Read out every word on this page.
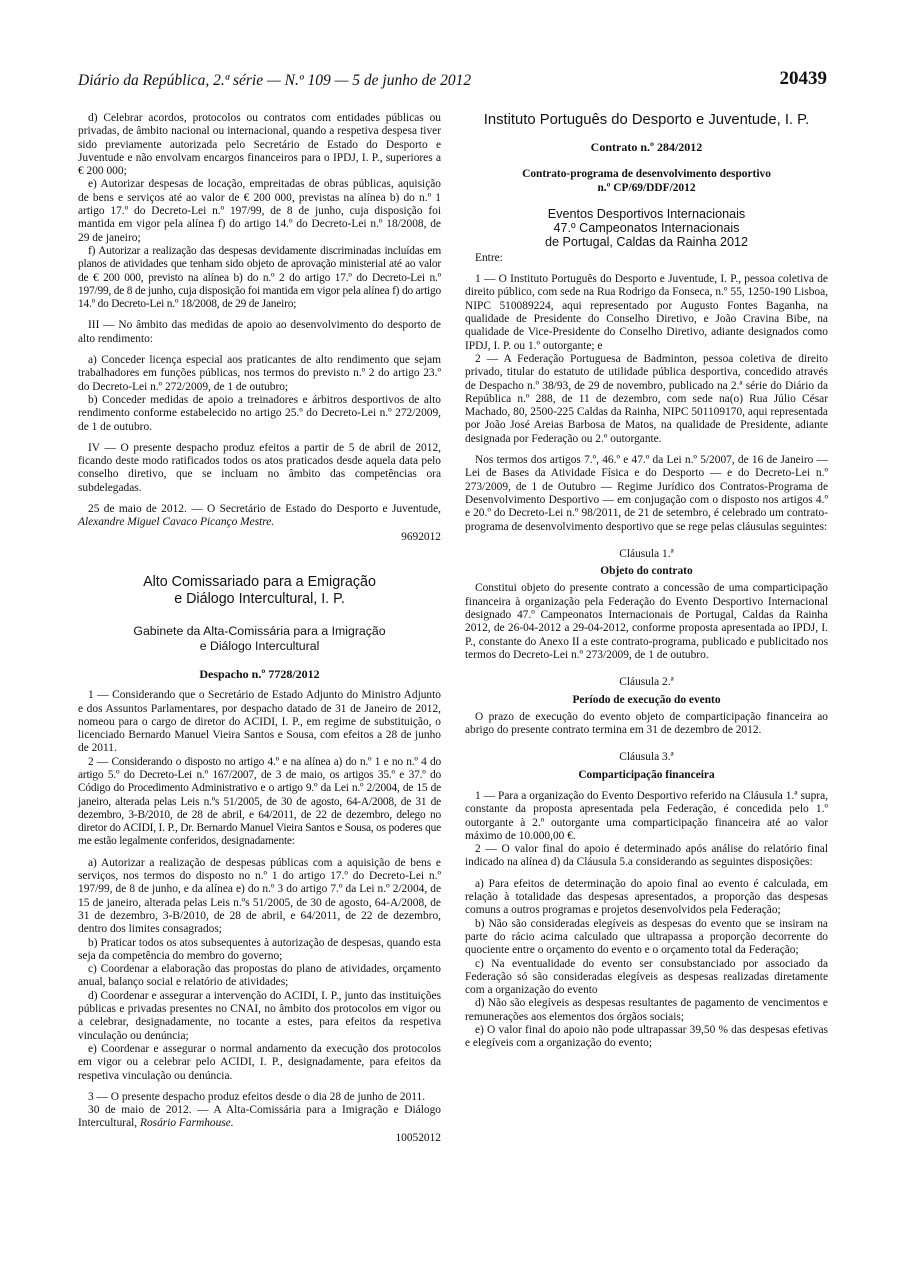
Diário da República, 2.ª série — N.º 109 — 5 de junho de 2012	20439

d) Celebrar acordos, protocolos ou contratos com entidades públicas ou privadas, de âmbito nacional ou internacional, quando a respetiva despesa tiver sido previamente autorizada pelo Secretário de Estado do Desporto e Juventude e não envolvam encargos financeiros para o IPDJ, I. P., superiores a € 200 000;

e) Autorizar despesas de locação, empreitadas de obras públicas, aquisição de bens e serviços até ao valor de € 200 000, previstas na alínea b) do n.º 1 artigo 17.º do Decreto-Lei n.º 197/99, de 8 de junho, cuja disposição foi mantida em vigor pela alínea f) do artigo 14.º do Decreto-Lei n.º 18/2008, de 29 de janeiro;

f) Autorizar a realização das despesas devidamente discriminadas incluídas em planos de atividades que tenham sido objeto de aprovação ministerial até ao valor de € 200 000, previsto na alínea b) do n.º 2 do artigo 17.º do Decreto-Lei n.º 197/99, de 8 de junho, cuja disposição foi mantida em vigor pela alínea f) do artigo 14.º do Decreto-Lei n.º 18/2008, de 29 de Janeiro;

III — No âmbito das medidas de apoio ao desenvolvimento do desporto de alto rendimento:

a) Conceder licença especial aos praticantes de alto rendimento que sejam trabalhadores em funções públicas, nos termos do previsto n.º 2 do artigo 23.º do Decreto-Lei n.º 272/2009, de 1 de outubro;

b) Conceder medidas de apoio a treinadores e árbitros desportivos de alto rendimento conforme estabelecido no artigo 25.º do Decreto-Lei n.º 272/2009, de 1 de outubro.

IV — O presente despacho produz efeitos a partir de 5 de abril de 2012, ficando deste modo ratificados todos os atos praticados desde aquela data pelo conselho diretivo, que se incluam no âmbito das competências ora subdelegadas.

25 de maio de 2012. — O Secretário de Estado do Desporto e Juventude, Alexandre Miguel Cavaco Picanço Mestre.

9692012
Alto Comissariado para a Emigração
e Diálogo Intercultural, I. P.
Gabinete da Alta-Comissária para a Imigração
e Diálogo Intercultural
Despacho n.º 7728/2012

1 — Considerando que o Secretário de Estado Adjunto do Ministro Adjunto e dos Assuntos Parlamentares, por despacho datado de 31 de Janeiro de 2012, nomeou para o cargo de diretor do ACIDI, I. P., em regime de substituição, o licenciado Bernardo Manuel Vieira Santos e Sousa, com efeitos a 28 de junho de 2011.

2 — Considerando o disposto no artigo 4.º e na alínea a) do n.º 1 e no n.º 4 do artigo 5.º do Decreto-Lei n.º 167/2007, de 3 de maio, os artigos 35.º e 37.º do Código do Procedimento Administrativo e o artigo 9.º da Lei n.º 2/2004, de 15 de janeiro, alterada pelas Leis n.ºs 51/2005, de 30 de agosto, 64-A/2008, de 31 de dezembro, 3-B/2010, de 28 de abril, e 64/2011, de 22 de dezembro, delego no diretor do ACIDI, I. P., Dr. Bernardo Manuel Vieira Santos e Sousa, os poderes que me estão legalmente conferidos, designadamente:

a) Autorizar a realização de despesas públicas com a aquisição de bens e serviços, nos termos do disposto no n.º 1 do artigo 17.º do Decreto-Lei n.º 197/99, de 8 de junho, e da alínea e) do n.º 3 do artigo 7.º da Lei n.º 2/2004, de 15 de janeiro, alterada pelas Leis n.ºs 51/2005, de 30 de agosto, 64-A/2008, de 31 de dezembro, 3-B/2010, de 28 de abril, e 64/2011, de 22 de dezembro, dentro dos limites consagrados;

b) Praticar todos os atos subsequentes à autorização de despesas, quando esta seja da competência do membro do governo;

c) Coordenar a elaboração das propostas do plano de atividades, orçamento anual, balanço social e relatório de atividades;

d) Coordenar e assegurar a intervenção do ACIDI, I. P., junto das instituições públicas e privadas presentes no CNAI, no âmbito dos protocolos em vigor ou a celebrar, designadamente, no tocante a estes, para efeitos da respetiva vinculação ou denúncia;

e) Coordenar e assegurar o normal andamento da execução dos protocolos em vigor ou a celebrar pelo ACIDI, I. P., designadamente, para efeitos da respetiva vinculação ou denúncia.

3 — O presente despacho produz efeitos desde o dia 28 de junho de 2011.

30 de maio de 2012. — A Alta-Comissária para a Imigração e Diálogo Intercultural, Rosário Farmhouse.

10052012
Instituto Português do Desporto e Juventude, I. P.
Contrato n.º 284/2012
Contrato-programa de desenvolvimento desportivo
n.º CP/69/DDF/2012
Eventos Desportivos Internacionais
47.º Campeonatos Internacionais
de Portugal, Caldas da Rainha 2012

Entre:

1 — O Instituto Português do Desporto e Juventude, I. P., pessoa coletiva de direito público, com sede na Rua Rodrigo da Fonseca, n.º 55, 1250-190 Lisboa, NIPC 510089224, aqui representado por Augusto Fontes Baganha, na qualidade de Presidente do Conselho Diretivo, e João Cravina Bibe, na qualidade de Vice-Presidente do Conselho Diretivo, adiante designados como IPDJ, I. P. ou 1.º outorgante; e

2 — A Federação Portuguesa de Badminton, pessoa coletiva de direito privado, titular do estatuto de utilidade pública desportiva, concedido através de Despacho n.º 38/93, de 29 de novembro, publicado na 2.ª série do Diário da República n.º 288, de 11 de dezembro, com sede na(o) Rua Júlio César Machado, 80, 2500-225 Caldas da Rainha, NIPC 501109170, aqui representada por João José Areias Barbosa de Matos, na qualidade de Presidente, adiante designada por Federação ou 2.º outorgante.

Nos termos dos artigos 7.º, 46.º e 47.º da Lei n.º 5/2007, de 16 de Janeiro — Lei de Bases da Atividade Física e do Desporto — e do Decreto-Lei n.º 273/2009, de 1 de Outubro — Regime Jurídico dos Contratos-Programa de Desenvolvimento Desportivo — em conjugação com o disposto nos artigos 4.º e 20.º do Decreto-Lei n.º 98/2011, de 21 de setembro, é celebrado um contrato-programa de desenvolvimento desportivo que se rege pelas cláusulas seguintes:

Cláusula 1.ª
Objeto do contrato

Constitui objeto do presente contrato a concessão de uma comparticipação financeira à organização pela Federação do Evento Desportivo Internacional designado 47.º Campeonatos Internacionais de Portugal, Caldas da Rainha 2012, de 26-04-2012 a 29-04-2012, conforme proposta apresentada ao IPDJ, I. P., constante do Anexo II a este contrato-programa, publicado e publicitado nos termos do Decreto-Lei n.º 273/2009, de 1 de outubro.

Cláusula 2.ª
Período de execução do evento

O prazo de execução do evento objeto de comparticipação financeira ao abrigo do presente contrato termina em 31 de dezembro de 2012.

Cláusula 3.ª
Comparticipação financeira

1 — Para a organização do Evento Desportivo referido na Cláusula 1.ª supra, constante da proposta apresentada pela Federação, é concedida pelo 1.º outorgante à 2.º outorgante uma comparticipação financeira até ao valor máximo de 10.000,00 €.

2 — O valor final do apoio é determinado após análise do relatório final indicado na alínea d) da Cláusula 5.a considerando as seguintes disposições:

a) Para efeitos de determinação do apoio final ao evento é calculada, em relação à totalidade das despesas apresentados, a proporção das despesas comuns a outros programas e projetos desenvolvidos pela Federação;

b) Não são consideradas elegíveis as despesas do evento que se insiram na parte do rácio acima calculado que ultrapassa a proporção decorrente do quociente entre o orçamento do evento e o orçamento total da Federação;

c) Na eventualidade do evento ser consubstanciado por associado da Federação só são consideradas elegíveis as despesas realizadas diretamente com a organização do evento

d) Não são elegíveis as despesas resultantes de pagamento de vencimentos e remunerações aos elementos dos órgãos sociais;

e) O valor final do apoio não pode ultrapassar 39,50 % das despesas efetivas e elegíveis com a organização do evento;
